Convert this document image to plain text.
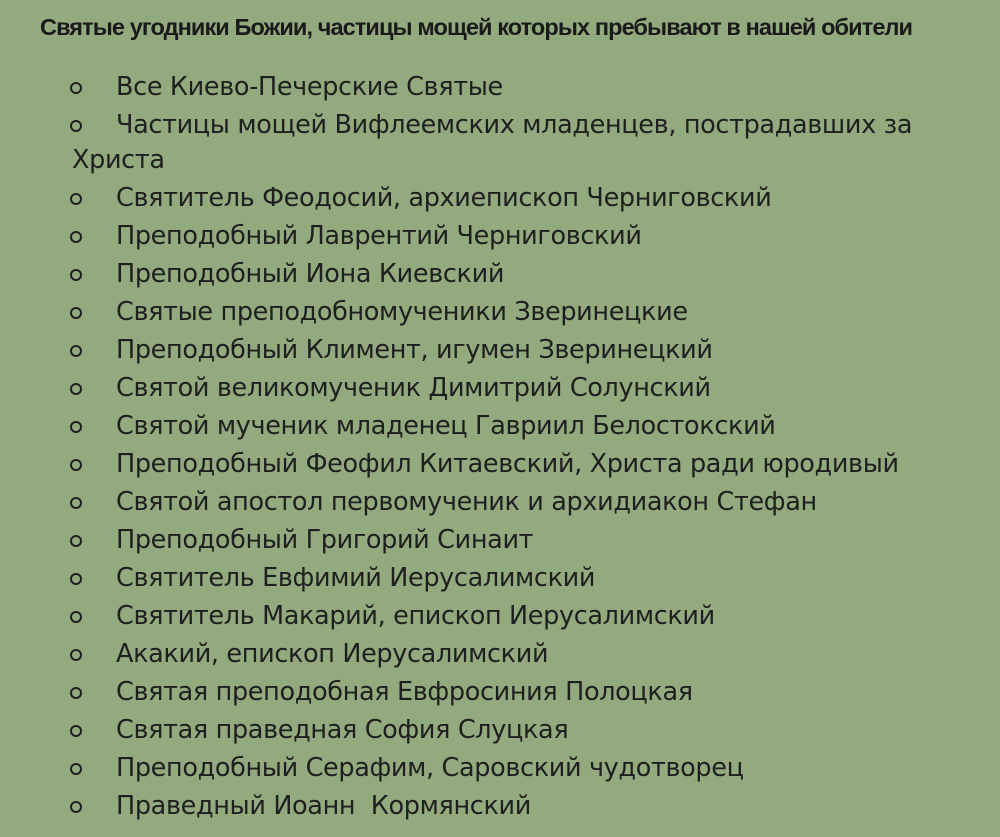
Святые угодники Божии, частицы мощей которых пребывают в нашей обители
Все Киево-Печерские Святые
Частицы мощей Вифлеемских младенцев, пострадавших за
Христа
Святитель Феодосий, архиепископ Черниговский
Преподобный Лаврентий Черниговский
Преподобный Иона Киевский
Святые преподобномученики Зверинецкие
Преподобный Климент, игумен Зверинецкий
Святой великомученик Димитрий Солунский
Святой мученик младенец Гавриил Белостокский
Преподобный Феофил Китаевский, Христа ради юродивый
Святой апостол первомученик и архидиакон Стефан
Преподобный Григорий Синаит
Святитель Евфимий Иерусалимский
Святитель Макарий, епископ Иерусалимский
Акакий, епископ Иерусалимский
Святая преподобная Евфросиния Полоцкая
Святая праведная София Слуцкая
Преподобный Серафим, Саровский чудотворец
Праведный Иоанн  Кормянский
